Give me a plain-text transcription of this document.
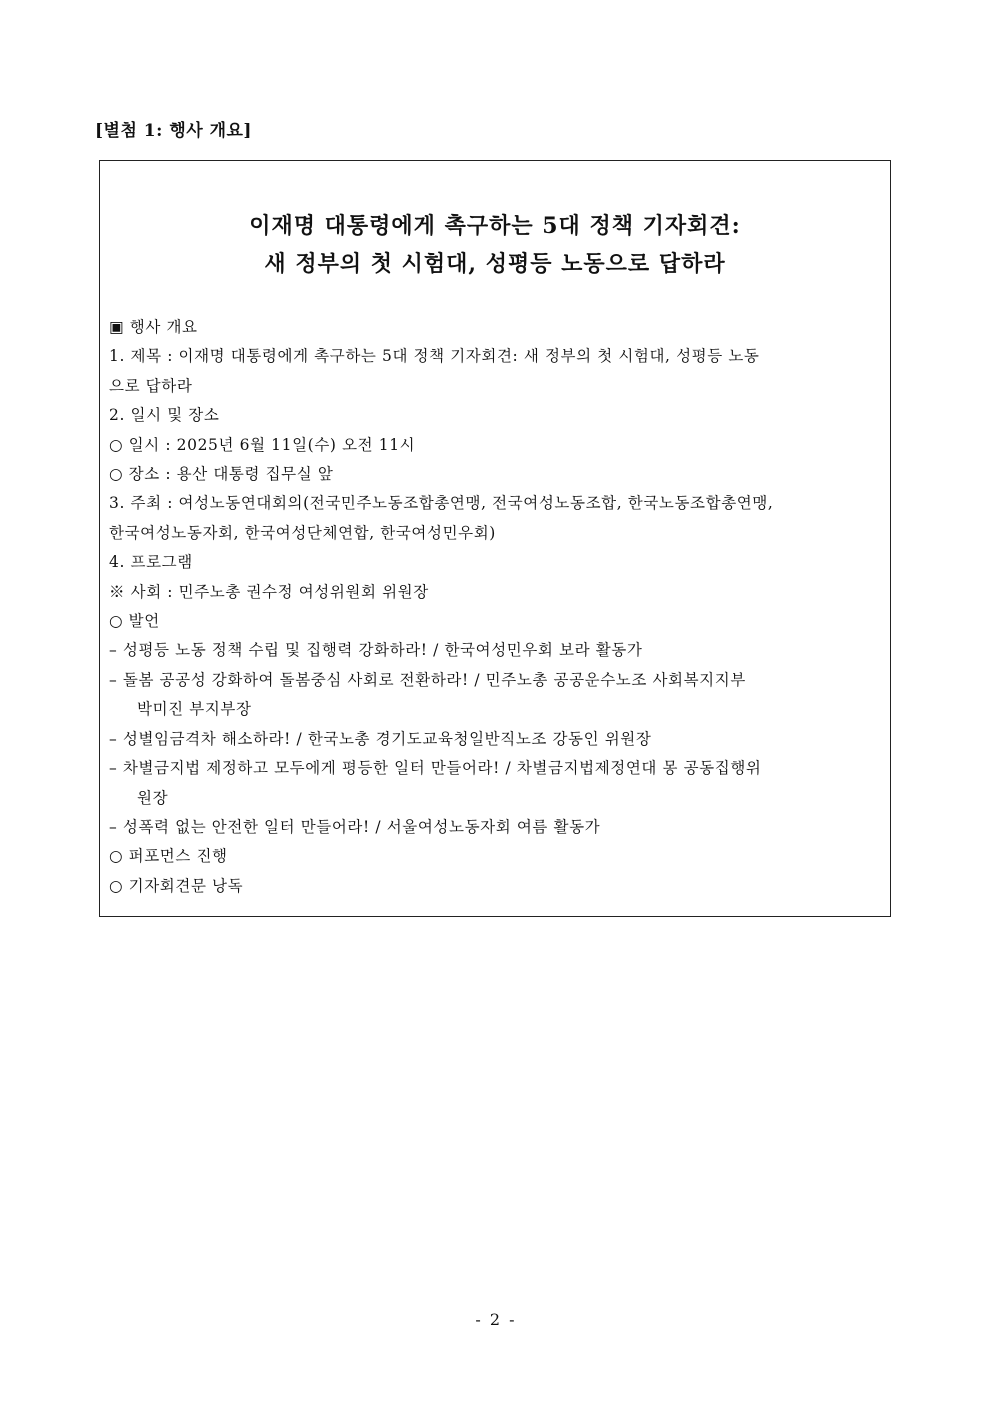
[별첨 1: 행사 개요]
이재명 대통령에게 촉구하는 5대 정책 기자회견:
새 정부의 첫 시험대, 성평등 노동으로 답하라
▣ 행사 개요
1. 제목 : 이재명 대통령에게 촉구하는 5대 정책 기자회견: 새 정부의 첫 시험대, 성평등 노동
으로 답하라
2. 일시 및 장소
○ 일시 : 2025년 6월 11일(수) 오전 11시
○ 장소 : 용산 대통령 집무실 앞
3. 주최 : 여성노동연대회의(전국민주노동조합총연맹, 전국여성노동조합, 한국노동조합총연맹,
한국여성노동자회, 한국여성단체연합, 한국여성민우회)
4. 프로그램
※ 사회 : 민주노총 권수정 여성위원회 위원장
○ 발언
– 성평등 노동 정책 수립 및 집행력 강화하라! / 한국여성민우회 보라 활동가
– 돌봄 공공성 강화하여 돌봄중심 사회로 전환하라! / 민주노총 공공운수노조 사회복지지부
박미진 부지부장
– 성별임금격차 해소하라! / 한국노총 경기도교육청일반직노조 강동인 위원장
– 차별금지법 제정하고 모두에게 평등한 일터 만들어라! / 차별금지법제정연대 몽 공동집행위
원장
– 성폭력 없는 안전한 일터 만들어라! / 서울여성노동자회 여름 활동가
○ 퍼포먼스 진행
○ 기자회견문 낭독
- 2 -
